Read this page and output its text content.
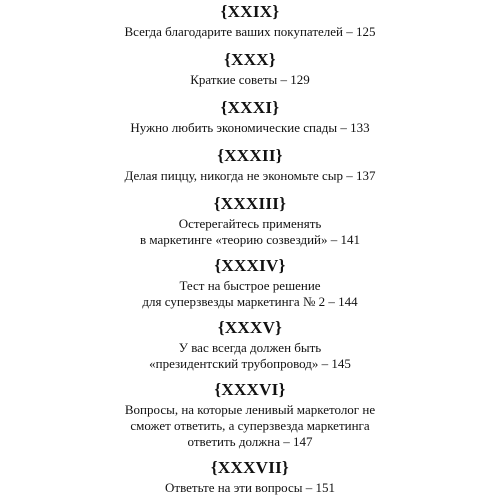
{XXIX}
Всегда благодарите ваших покупателей – 125
{XXX}
Краткие советы – 129
{XXXI}
Нужно любить экономические спады – 133
{XXXII}
Делая пиццу, никогда не экономьте сыр – 137
{XXXIII}
Остерегайтесь применять
в маркетинге «теорию созвездий» – 141
{XXXIV}
Тест на быстрое решение
для суперзвезды маркетинга № 2 – 144
{XXXV}
У вас всегда должен быть
«президентский трубопровод» – 145
{XXXVI}
Вопросы, на которые ленивый маркетолог не
сможет ответить, а суперзвезда маркетинга
ответить должна – 147
{XXXVII}
Ответьте на эти вопросы – 151
